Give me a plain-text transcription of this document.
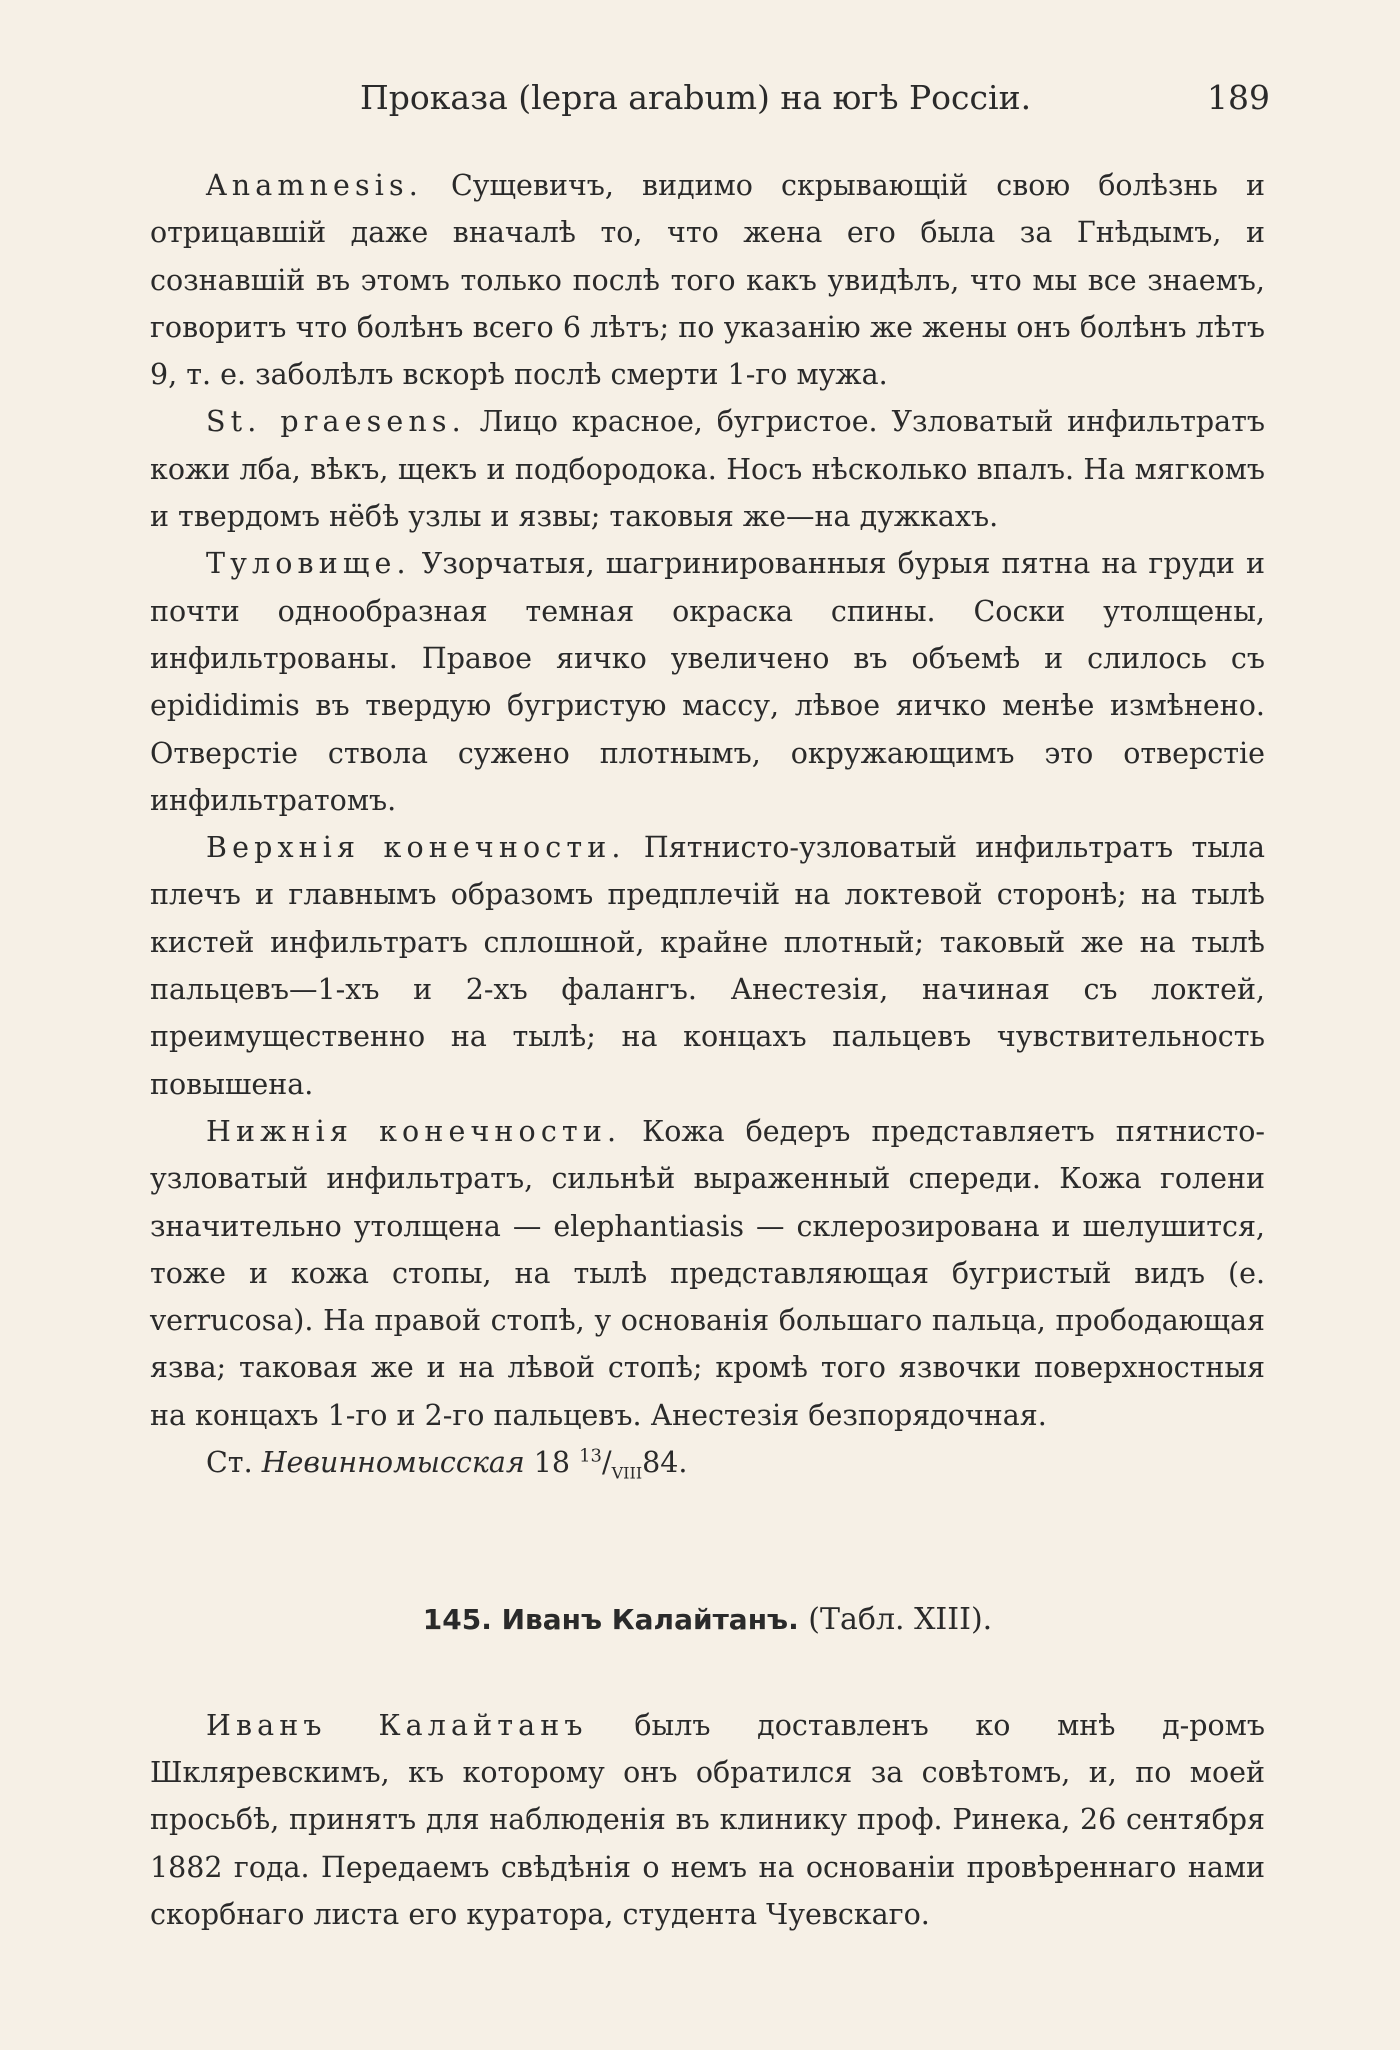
Проказа (lepra arabum) на югѣ Россіи.	189

Anamnesis. Сущевичъ, видимо скрывающій свою болѣзнь и отрицавшій даже вначалѣ то, что жена его была за Гнѣдымъ, и сознавшій въ этомъ только послѣ того какъ увидѣлъ, что мы все знаемъ, говоритъ что болѣнъ всего 6 лѣтъ; по указанію же жены онъ болѣнъ лѣтъ 9, т. е. заболѣлъ вскорѣ послѣ смерти 1-го мужа.

St. praesens. Лицо красное, бугристое. Узловатый инфильтратъ кожи лба, вѣкъ, щекъ и подбородока. Носъ нѣсколько впалъ. На мягкомъ и твердомъ нёбѣ узлы и язвы; таковыя же—на дужкахъ.

Туловище. Узорчатыя, шагринированныя бурыя пятна на груди и почти однообразная темная окраска спины. Соски утолщены, инфильтрованы. Правое яичко увеличено въ объемѣ и слилось съ epididimis въ твердую бугристую массу, лѣвое яичко менѣе измѣнено. Отверстіе ствола сужено плотнымъ, окружающимъ это отверстіе инфильтратомъ.

Верхнія конечности. Пятнисто-узловатый инфильтратъ тыла плечъ и главнымъ образомъ предплечій на локтевой сторонѣ; на тылѣ кистей инфильтратъ сплошной, крайне плотный; таковый же на тылѣ пальцевъ—1-хъ и 2-хъ фалангъ. Анестезія, начиная съ локтей, преимущественно на тылѣ; на концахъ пальцевъ чувствительность повышена.

Нижнія конечности. Кожа бедеръ представляетъ пятнисто-узловатый инфильтратъ, сильнѣй выраженный спереди. Кожа голени значительно утолщена — elephantiasis — склерозирована и шелушится, тоже и кожа стопы, на тылѣ представляющая бугристый видъ (e. verrucosa). На правой стопѣ, у основанія большаго пальца, прободающая язва; таковая же и на лѣвой стопѣ; кромѣ того язвочки поверхностныя на концахъ 1-го и 2-го пальцевъ. Анестезія безпорядочная.

Ст. Невинномысская 18 $^{13}/_{VIII}84$.

145. Иванъ Калайтанъ. (Табл. XIII).

Иванъ Калайтанъ былъ доставленъ ко мнѣ д-ромъ Шкляревскимъ, къ которому онъ обратился за совѣтомъ, и, по моей просьбѣ, принятъ для наблюденія въ клинику проф. Ринека, 26 сентября 1882 года. Передаемъ свѣдѣнія о немъ на основаніи провѣреннаго нами скорбнаго листа его куратора, студента Чуевскаго.
